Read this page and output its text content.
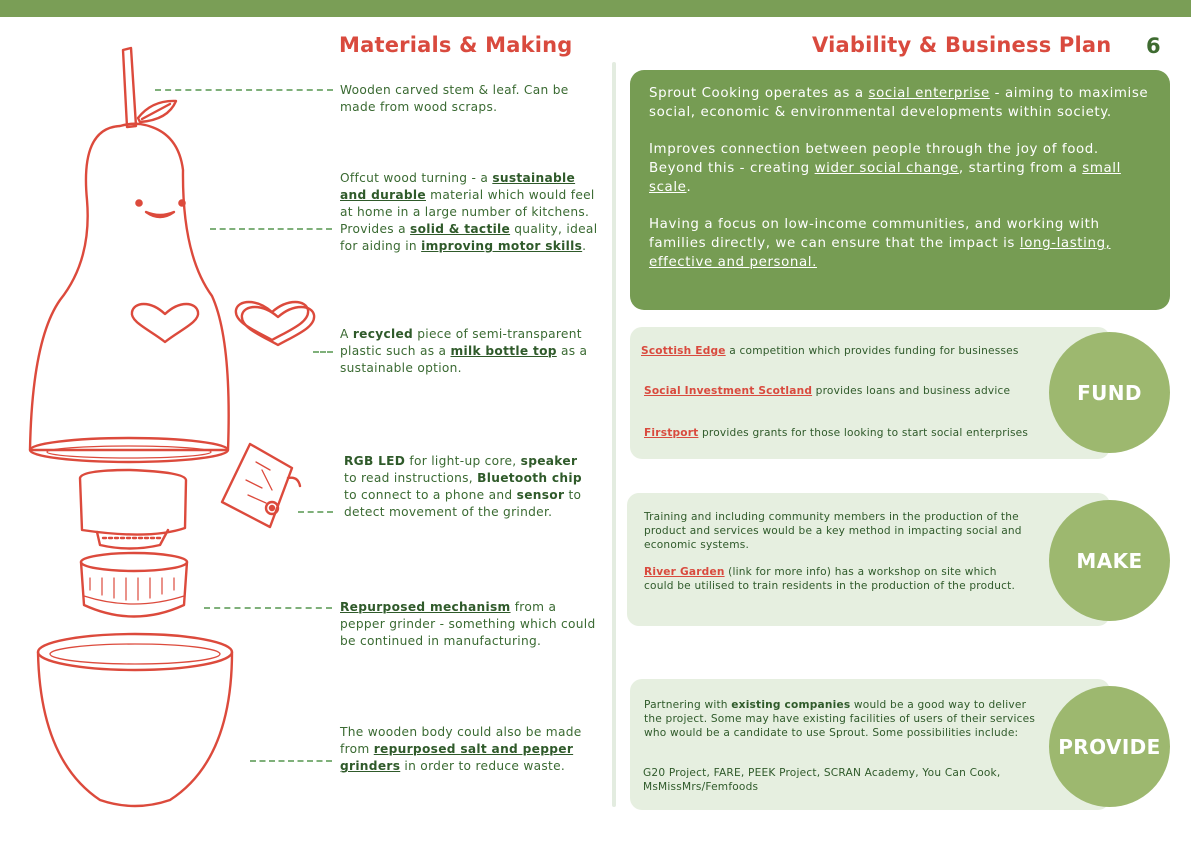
Materials & Making
Wooden carved stem & leaf. Can be made from wood scraps.
Offcut wood turning - a sustainable and durable material which would feel at home in a large number of kitchens. Provides a solid & tactile quality, ideal for aiding in improving motor skills.
A recycled piece of semi-transparent plastic such as a milk bottle top as a sustainable option.
RGB LED for light-up core, speaker to read instructions, Bluetooth chip to connect to a phone and sensor to detect movement of the grinder.
Repurposed mechanism from a pepper grinder - something which could be continued in manufacturing.
The wooden body could also be made from repurposed salt and pepper grinders in order to reduce waste.
Viability & Business Plan 6

Sprout Cooking operates as a social enterprise - aiming to maximise social, economic & environmental developments within society.

Improves connection between people through the joy of food. Beyond this - creating wider social change, starting from a small scale.

Having a focus on low-income communities, and working with families directly, we can ensure that the impact is long-lasting, effective and personal.

Scottish Edge a competition which provides funding for businesses
Social Investment Scotland provides loans and business advice
Firstport provides grants for those looking to start social enterprises
FUND
Training and including community members in the production of the product and services would be a key method in impacting social and economic systems.
River Garden (link for more info) has a workshop on site which could be utilised to train residents in the production of the product.
MAKE
Partnering with existing companies would be a good way to deliver the project. Some may have existing facilities of users of their services who would be a candidate to use Sprout. Some possibilities include:
G20 Project, FARE, PEEK Project, SCRAN Academy, You Can Cook, MsMissMrs/Femfoods
PROVIDE
